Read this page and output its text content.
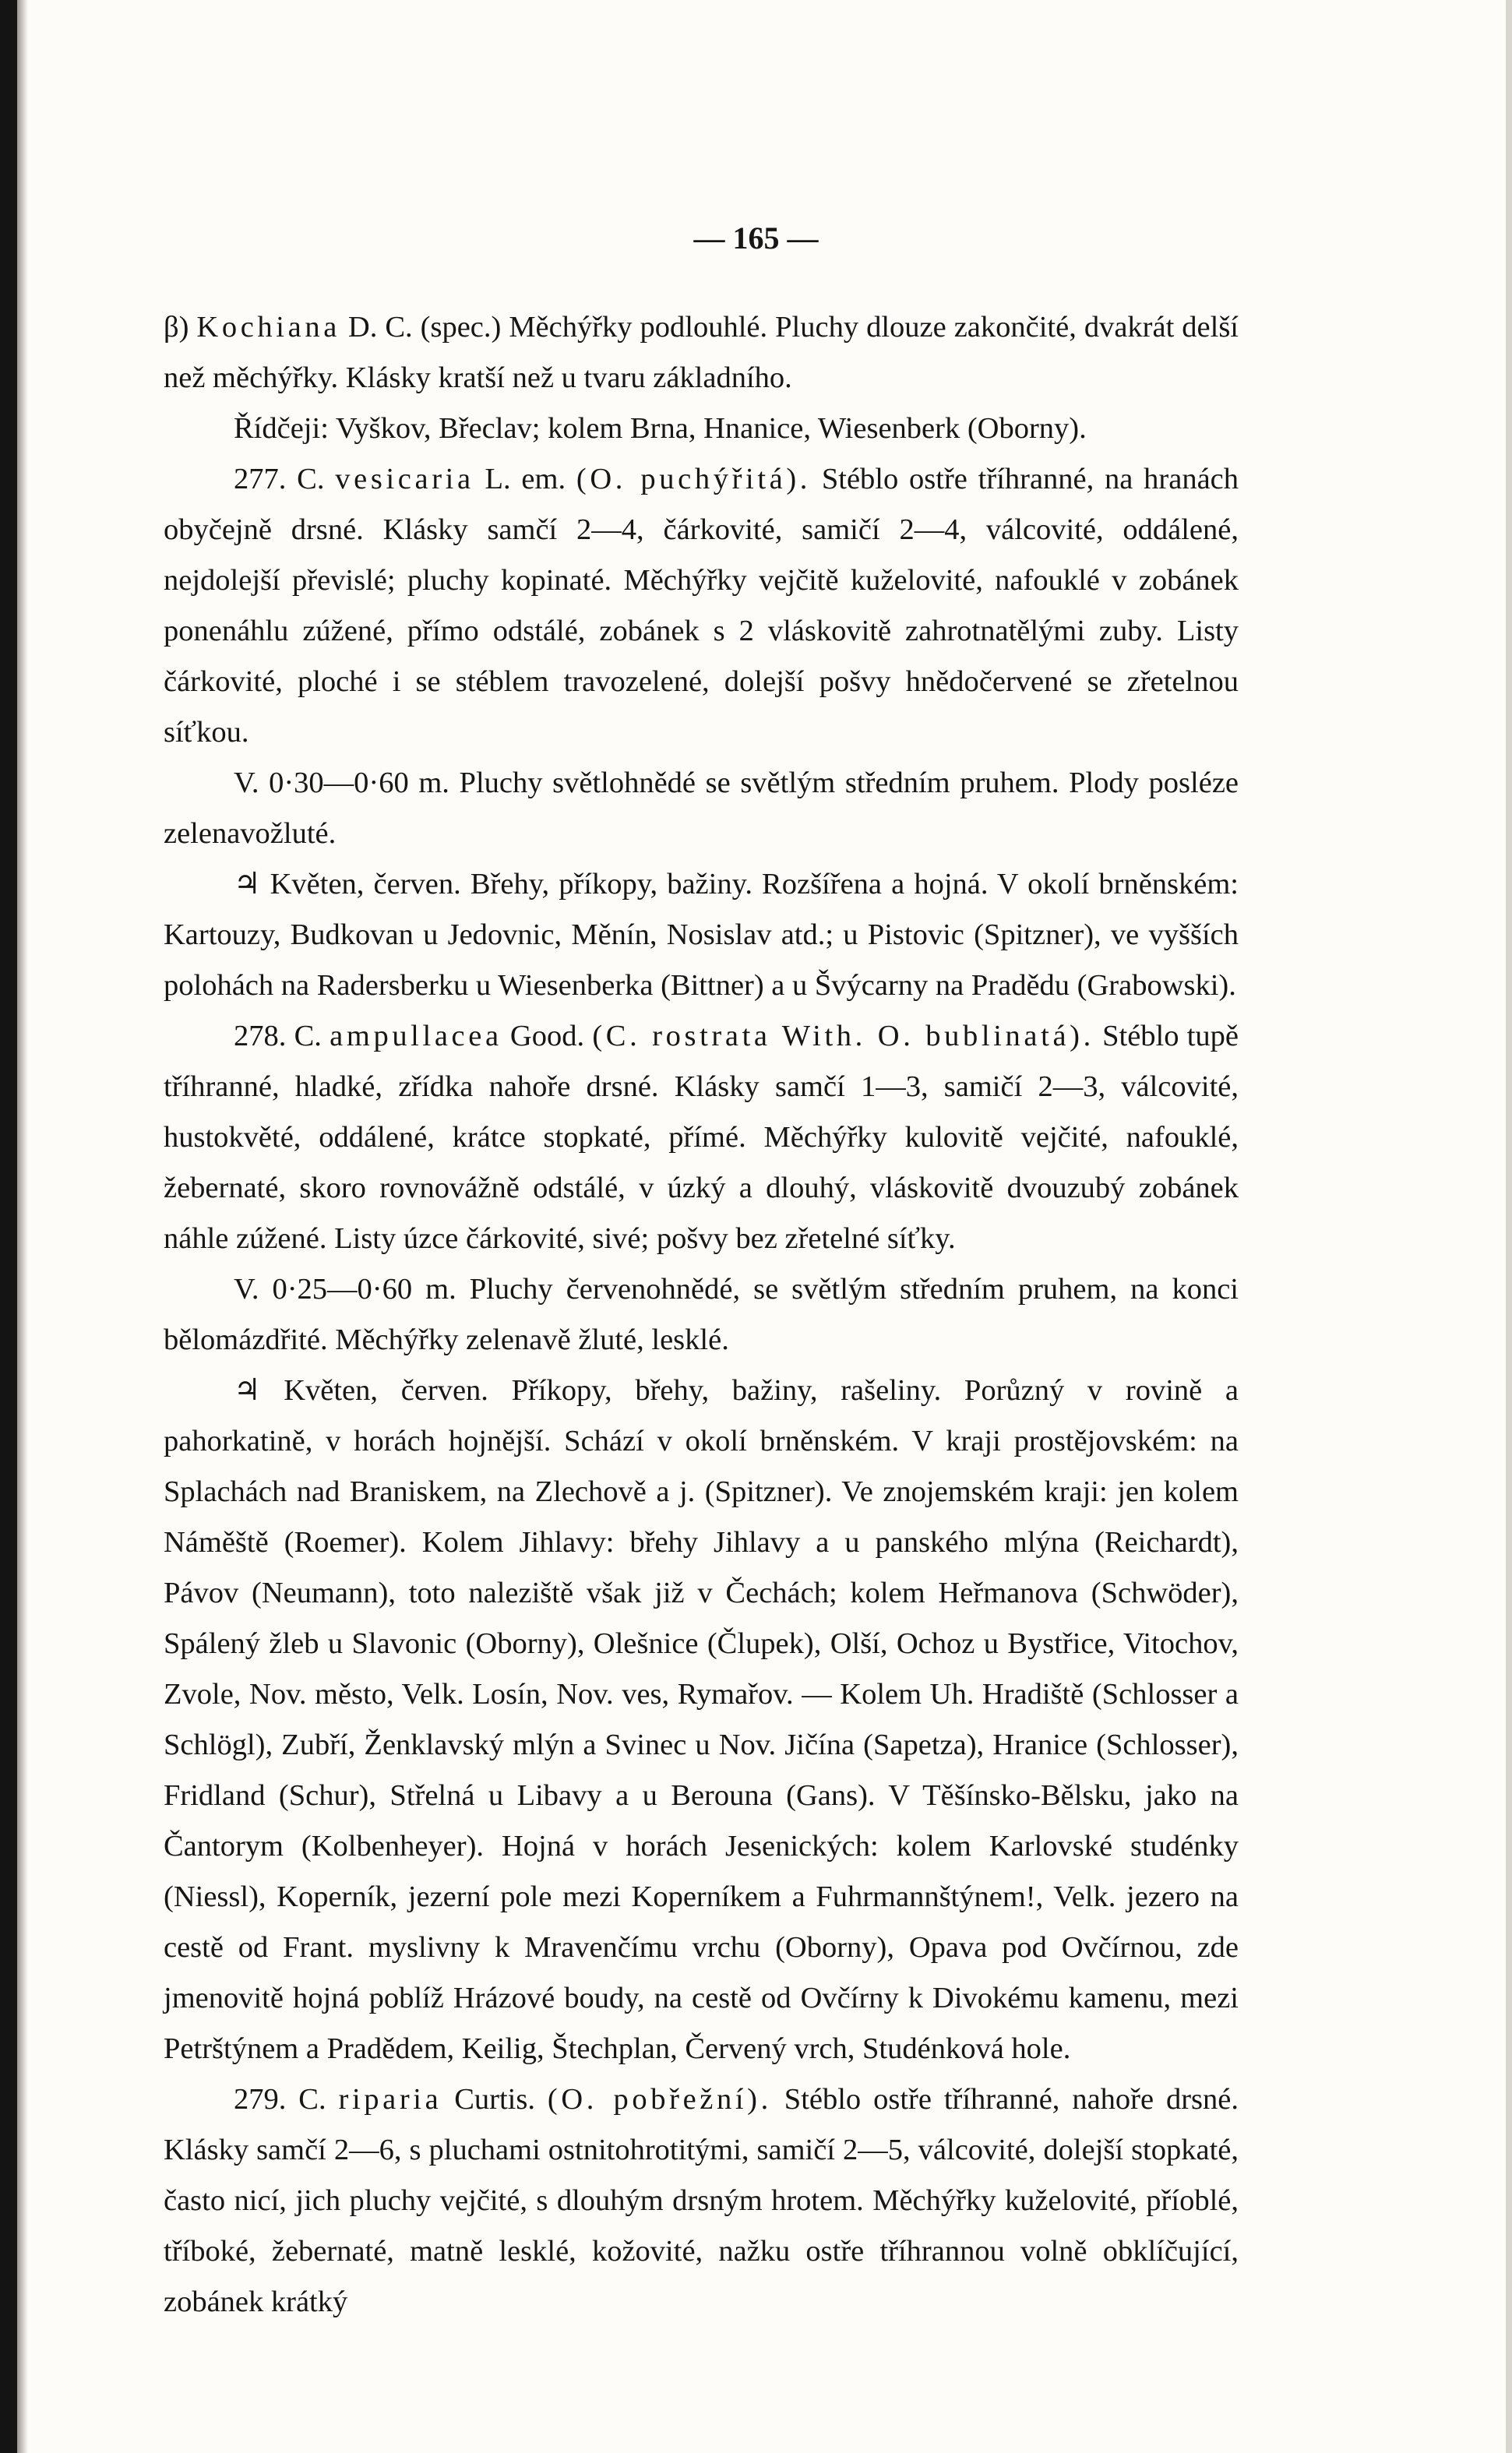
— 165 —

β) Kochiana D. C. (spec.) Měchýřky podlouhlé. Pluchy dlouze zakončité, dvakrát delší než měchýřky. Klásky kratší než u tvaru základního.

Řídčeji: Vyškov, Břeclav; kolem Brna, Hnanice, Wiesenberk (Oborny).

277. C. vesicaria L. em. (O. puchýřitá). Stéblo ostře tříhranné, na hranách obyčejně drsné. Klásky samčí 2—4, čárkovité, samičí 2—4, válcovité, oddálené, nejdolejší převislé; pluchy kopinaté. Měchýřky vejčitě kuželovité, nafouklé v zobánek ponenáhlu zúžené, přímo odstálé, zobánek s 2 vláskovitě zahrotnatělými zuby. Listy čárkovité, ploché i se stéblem travozelené, dolejší pošvy hnědočervené se zřetelnou síťkou.

V. 0·30—0·60 m. Pluchy světlohnědé se světlým středním pruhem. Plody posléze zelenavožluté.

♃ Květen, červen. Břehy, příkopy, bažiny. Rozšířena a hojná. V okolí brněnském: Kartouzy, Budkovan u Jedovnic, Měnín, Nosislav atd.; u Pistovic (Spitzner), ve vyšších polohách na Radersberku u Wiesenberka (Bittner) a u Švýcarny na Pradědu (Grabowski).

278. C. ampullacea Good. (C. rostrata With. O. bublinatá). Stéblo tupě tříhranné, hladké, zřídka nahoře drsné. Klásky samčí 1—3, samičí 2—3, válcovité, hustokvěté, oddálené, krátce stopkaté, přímé. Měchýřky kulovitě vejčité, nafouklé, žebernaté, skoro rovnovážně odstálé, v úzký a dlouhý, vláskovitě dvouzubý zobánek náhle zúžené. Listy úzce čárkovité, sivé; pošvy bez zřetelné síťky.

V. 0·25—0·60 m. Pluchy červenohnědé, se světlým středním pruhem, na konci bělomázdřité. Měchýřky zelenavě žluté, lesklé.

♃ Květen, červen. Příkopy, břehy, bažiny, rašeliny. Porůzný v rovině a pahorkatině, v horách hojnější. Schází v okolí brněnském. V kraji prostějovském: na Splachách nad Braniskem, na Zlechově a j. (Spitzner). Ve znojemském kraji: jen kolem Náměště (Roemer). Kolem Jihlavy: břehy Jihlavy a u panského mlýna (Reichardt), Pávov (Neumann), toto naleziště však již v Čechách; kolem Heřmanova (Schwöder), Spálený žleb u Slavonic (Oborny), Olešnice (Člupek), Olší, Ochoz u Bystřice, Vitochov, Zvole, Nov. město, Velk. Losín, Nov. ves, Rymařov. — Kolem Uh. Hradiště (Schlosser a Schlögl), Zubří, Ženklavský mlýn a Svinec u Nov. Jičína (Sapetza), Hranice (Schlosser), Fridland (Schur), Střelná u Libavy a u Berouna (Gans). V Těšínsko-Bělsku, jako na Čantorym (Kolbenheyer). Hojná v horách Jesenických: kolem Karlovské studénky (Niessl), Koperník, jezerní pole mezi Koperníkem a Fuhrmannštýnem!, Velk. jezero na cestě od Frant. myslivny k Mravenčímu vrchu (Oborny), Opava pod Ovčírnou, zde jmenovitě hojná poblíž Hrázové boudy, na cestě od Ovčírny k Divokému kamenu, mezi Petrštýnem a Pradědem, Keilig, Štechplan, Červený vrch, Studénková hole.

279. C. riparia Curtis. (O. pobřežní). Stéblo ostře tříhranné, nahoře drsné. Klásky samčí 2—6, s pluchami ostnitohrotitými, samičí 2—5, válcovité, dolejší stopkaté, často nicí, jich pluchy vejčité, s dlouhým drsným hrotem. Měchýřky kuželovité, příoblé, tříboké, žebernaté, matně lesklé, kožovité, nažku ostře tříhrannou volně obklíčující, zobánek krátký
